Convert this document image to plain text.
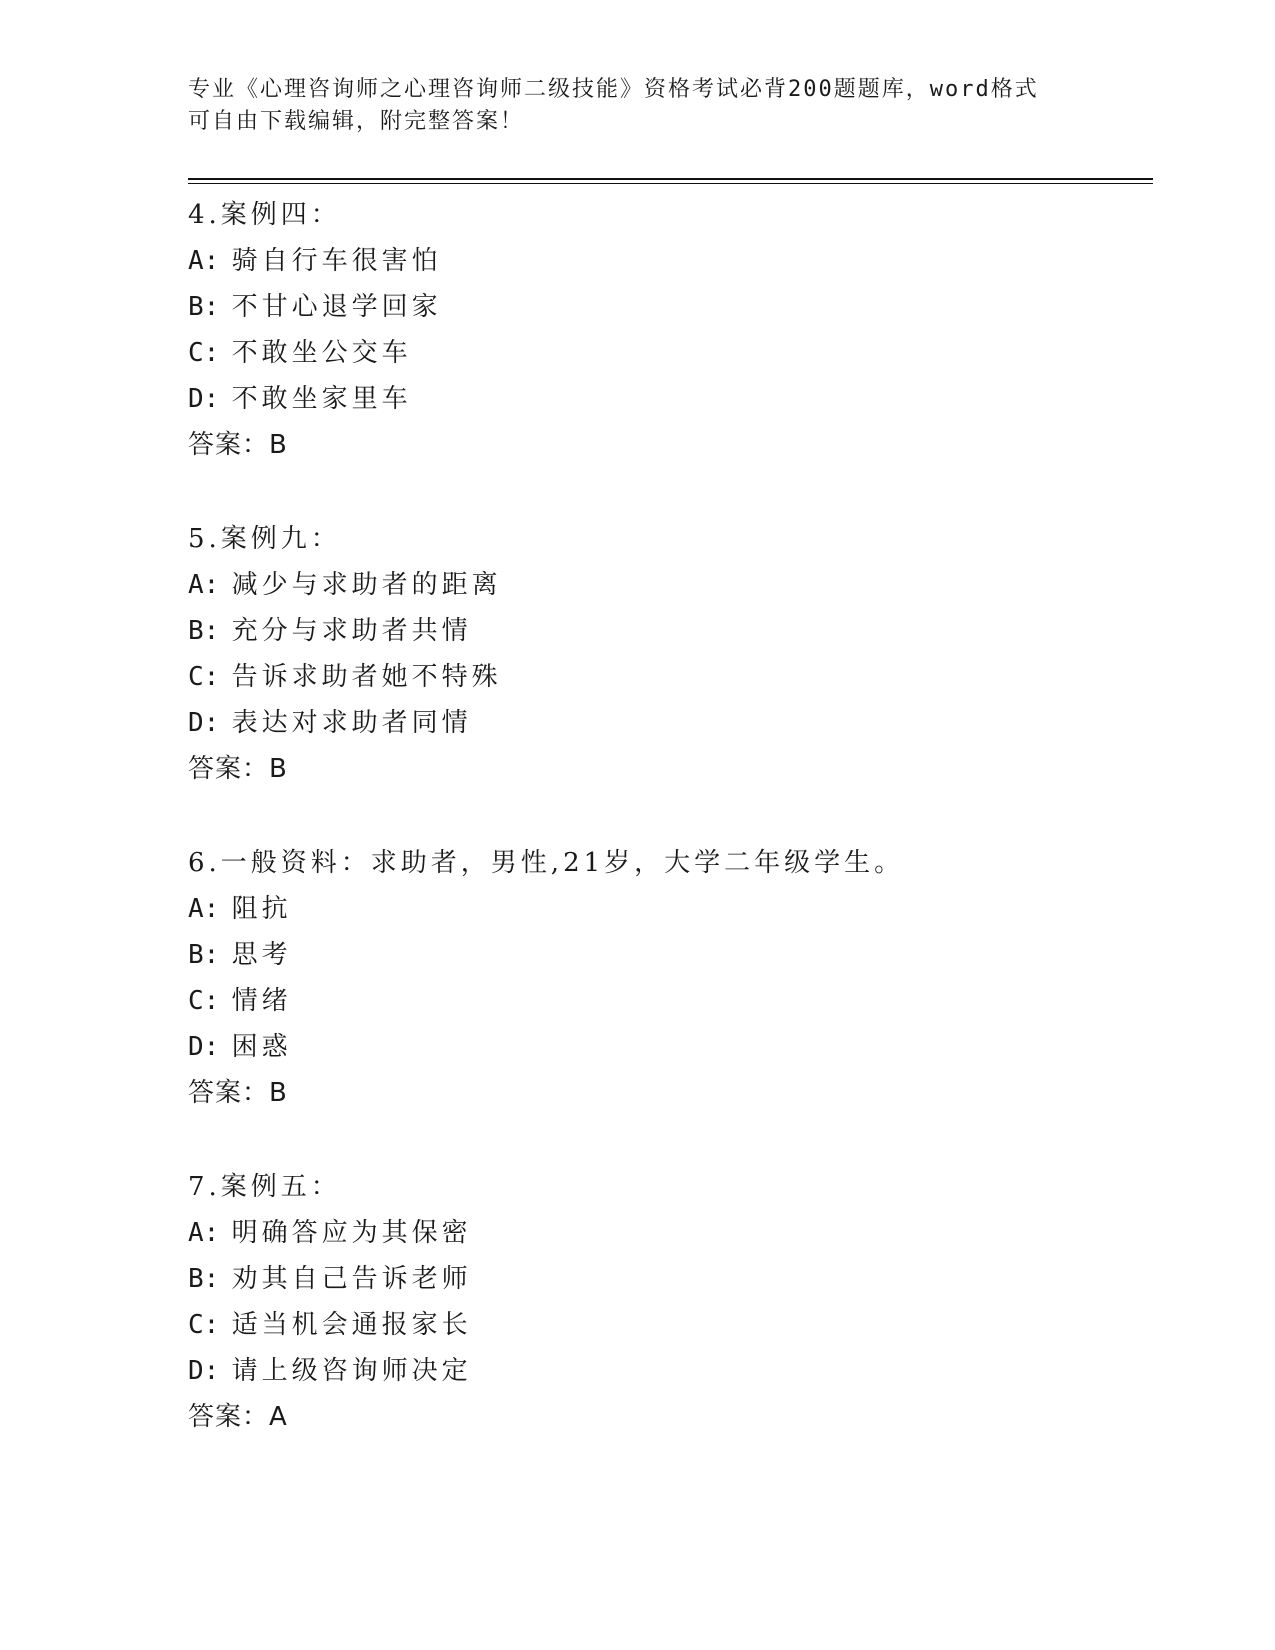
专业《心理咨询师之心理咨询师二级技能》资格考试必背200题题库，word格式
可自由下载编辑，附完整答案！
4.案例四：
A: 骑自行车很害怕
B: 不甘心退学回家
C: 不敢坐公交车
D: 不敢坐家里车
答案：B
5.案例九：
A: 减少与求助者的距离
B: 充分与求助者共情
C: 告诉求助者她不特殊
D: 表达对求助者同情
答案：B
6.一般资料：求助者，男性,21岁，大学二年级学生。
A: 阻抗
B: 思考
C: 情绪
D: 困惑
答案：B
7.案例五：
A: 明确答应为其保密
B: 劝其自己告诉老师
C: 适当机会通报家长
D: 请上级咨询师决定
答案：A
